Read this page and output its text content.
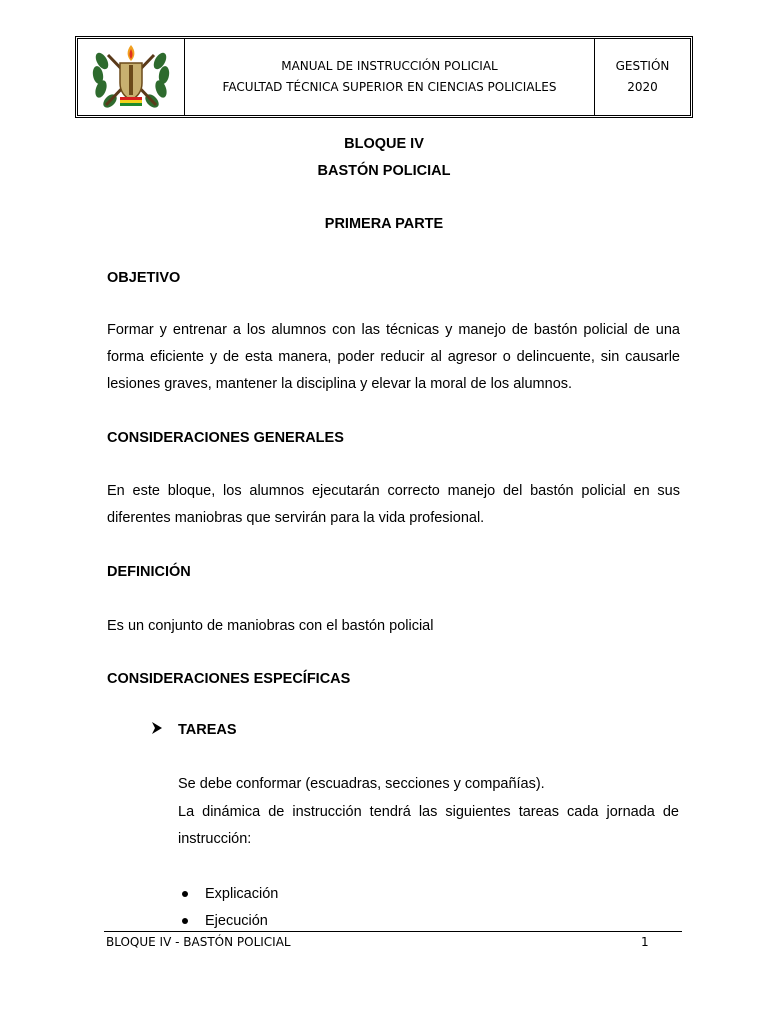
MANUAL DE INSTRUCCIÓN POLICIAL
FACULTAD TÉCNICA SUPERIOR EN CIENCIAS POLICIALES
GESTIÓN
2020
BLOQUE IV
BASTÓN POLICIAL
PRIMERA PARTE
OBJETIVO
Formar y entrenar a los alumnos con las técnicas y manejo de bastón policial de una
forma eficiente y de esta manera, poder reducir al agresor o delincuente, sin causarle
lesiones graves, mantener la disciplina y elevar la moral de los alumnos.
CONSIDERACIONES GENERALES
En este bloque, los alumnos ejecutarán correcto manejo del bastón policial en sus
diferentes maniobras que servirán para la vida profesional.
DEFINICIÓN
Es un conjunto de maniobras con el bastón policial
CONSIDERACIONES ESPECÍFICAS
TAREAS
Se debe conformar (escuadras, secciones y compañías).
La dinámica de instrucción tendrá las siguientes tareas cada jornada de
instrucción:
Explicación
Ejecución
BLOQUE IV - BASTÓN POLICIAL	1
